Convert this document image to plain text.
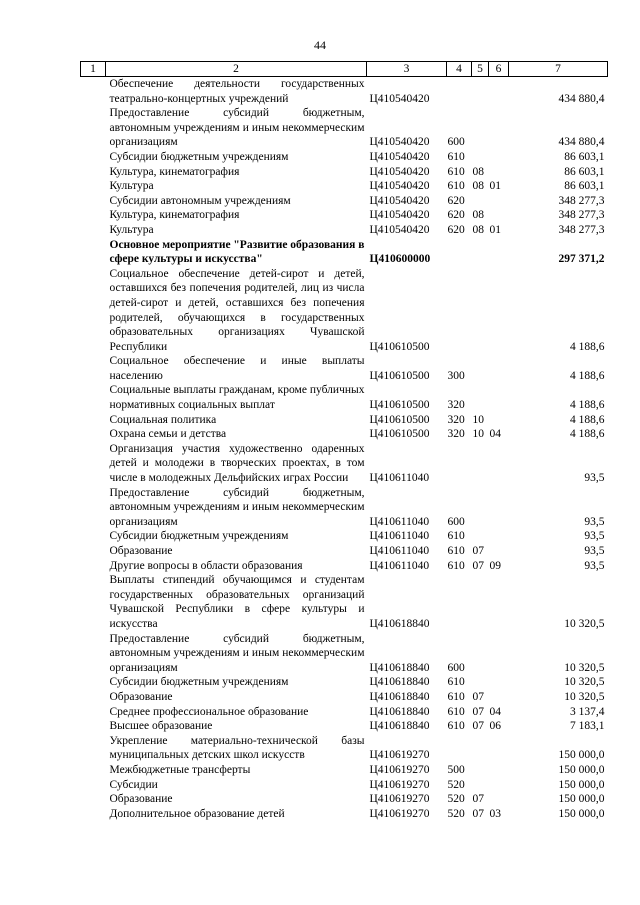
44
1	2	3	4	5	6	7
	Обеспечение деятельности государственных театрально-концертных учреждений	Ц410540420				434 880,4
	Предоставление субсидий бюджетным, автономным учреждениям и иным некоммерческим организациям	Ц410540420	600			434 880,4
	Субсидии бюджетным учреждениям	Ц410540420	610			86 603,1
	Культура, кинематография	Ц410540420	610	08		86 603,1
	Культура	Ц410540420	610	08	01	86 603,1
	Субсидии автономным учреждениям	Ц410540420	620			348 277,3
	Культура, кинематография	Ц410540420	620	08		348 277,3
	Культура	Ц410540420	620	08	01	348 277,3
	Основное мероприятие "Развитие образования в сфере культуры и искусства"	Ц410600000				297 371,2
	Социальное обеспечение детей-сирот и детей, оставшихся без попечения родителей, лиц из числа детей-сирот и детей, оставшихся без попечения родителей, обучающихся в государственных образовательных организациях Чувашской Республики	Ц410610500				4 188,6
	Социальное обеспечение и иные выплаты населению	Ц410610500	300			4 188,6
	Социальные выплаты гражданам, кроме публичных нормативных социальных выплат	Ц410610500	320			4 188,6
	Социальная политика	Ц410610500	320	10		4 188,6
	Охрана семьи и детства	Ц410610500	320	10	04	4 188,6
	Организация участия художественно одаренных детей и молодежи в творческих проектах, в том числе в молодежных Дельфийских играх России	Ц410611040				93,5
	Предоставление субсидий бюджетным, автономным учреждениям и иным некоммерческим организациям	Ц410611040	600			93,5
	Субсидии бюджетным учреждениям	Ц410611040	610			93,5
	Образование	Ц410611040	610	07		93,5
	Другие вопросы в области образования	Ц410611040	610	07	09	93,5
	Выплаты стипендий обучающимся и студентам государственных образовательных организаций Чувашской Республики в сфере культуры и искусства	Ц410618840				10 320,5
	Предоставление субсидий бюджетным, автономным учреждениям и иным некоммерческим организациям	Ц410618840	600			10 320,5
	Субсидии бюджетным учреждениям	Ц410618840	610			10 320,5
	Образование	Ц410618840	610	07		10 320,5
	Среднее профессиональное образование	Ц410618840	610	07	04	3 137,4
	Высшее образование	Ц410618840	610	07	06	7 183,1
	Укрепление материально-технической базы муниципальных детских школ искусств	Ц410619270				150 000,0
	Межбюджетные трансферты	Ц410619270	500			150 000,0
	Субсидии	Ц410619270	520			150 000,0
	Образование	Ц410619270	520	07		150 000,0
	Дополнительное образование детей	Ц410619270	520	07	03	150 000,0
